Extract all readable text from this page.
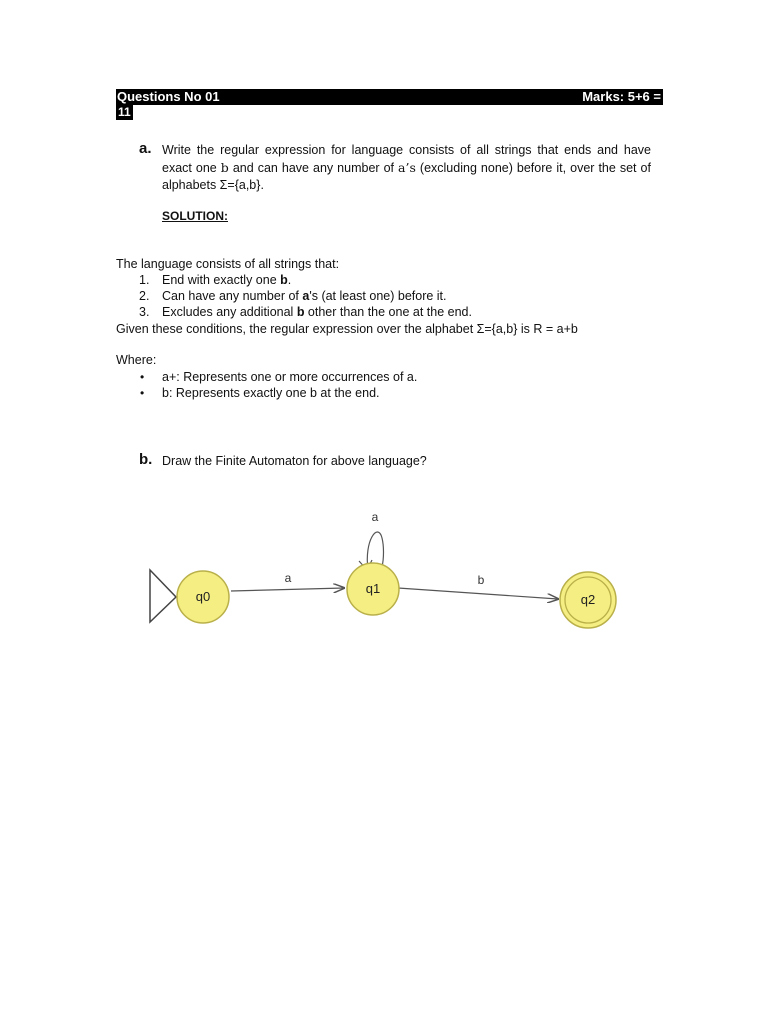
Questions No 01	Marks: 5+6 =
11
a. Write the regular expression for language consists of all strings that ends and have exact one b and can have any number of a’s (excluding none) before it, over the set of alphabets Σ={a,b}.
SOLUTION:
The language consists of all strings that:
1. End with exactly one b.
2. Can have any number of a's (at least one) before it.
3. Excludes any additional b other than the one at the end.
Given these conditions, the regular expression over the alphabet Σ={a,b} is R = a+b
Where:
• a+: Represents one or more occurrences of a.
• b: Represents exactly one b at the end.
b. Draw the Finite Automaton for above language?
a
a
b
q0
q1
q2
